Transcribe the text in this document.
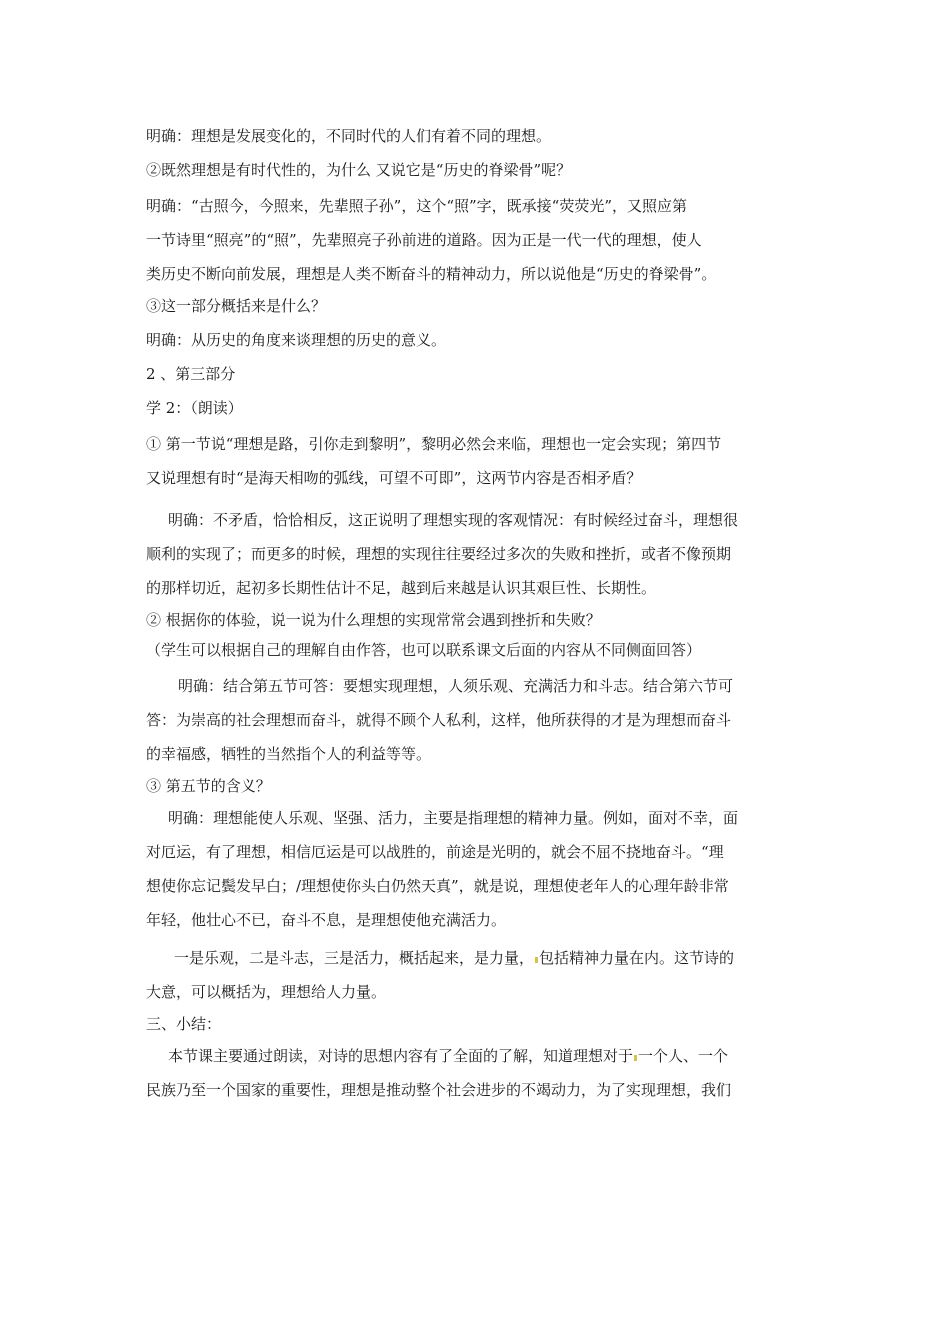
明确：理想是发展变化的，不同时代的人们有着不同的理想。
②既然理想是有时代性的，为什么 又说它是“历史的脊梁骨”呢？
明确：“古照今，今照来，先辈照子孙”，这个“照”字，既承接“荧荧光”，又照应第
一节诗里“照亮”的“照”，先辈照亮子孙前进的道路。因为正是一代一代的理想，使人
类历史不断向前发展，理想是人类不断奋斗的精神动力，所以说他是“历史的脊梁骨”。
③这一部分概括来是什么？
明确：从历史的角度来谈理想的历史的意义。
2 、第三部分
学 2：（朗读）
① 第一节说“理想是路，引你走到黎明”，黎明必然会来临，理想也一定会实现；第四节
又说理想有时“是海天相吻的弧线，可望不可即”，这两节内容是否相矛盾？
明确：不矛盾，恰恰相反，这正说明了理想实现的客观情况：有时候经过奋斗，理想很
顺利的实现了；而更多的时候，理想的实现往往要经过多次的失败和挫折，或者不像预期
的那样切近，起初多长期性估计不足，越到后来越是认识其艰巨性、长期性。
② 根据你的体验，说一说为什么理想的实现常常会遇到挫折和失败？
（学生可以根据自己的理解自由作答，也可以联系课文后面的内容从不同侧面回答）
明确：结合第五节可答：要想实现理想，人须乐观、充满活力和斗志。结合第六节可
答：为崇高的社会理想而奋斗，就得不顾个人私利，这样，他所获得的才是为理想而奋斗
的幸福感，牺牲的当然指个人的利益等等。
③ 第五节的含义？
明确：理想能使人乐观、坚强、活力，主要是指理想的精神力量。例如，面对不幸，面
对厄运，有了理想，相信厄运是可以战胜的，前途是光明的，就会不屈不挠地奋斗。“理
想使你忘记鬓发早白；/理想使你头白仍然天真”，就是说，理想使老年人的心理年龄非常
年轻，他壮心不已，奋斗不息，是理想使他充满活力。
一是乐观，二是斗志，三是活力，概括起来，是力量， 包括精神力量在内。这节诗的
大意，可以概括为，理想给人力量。
三、小结：
本节课主要通过朗读，对诗的思想内容有了全面的了解，知道理想对于 一个人、一个
民族乃至一个国家的重要性，理想是推动整个社会进步的不竭动力，为了实现理想，我们
